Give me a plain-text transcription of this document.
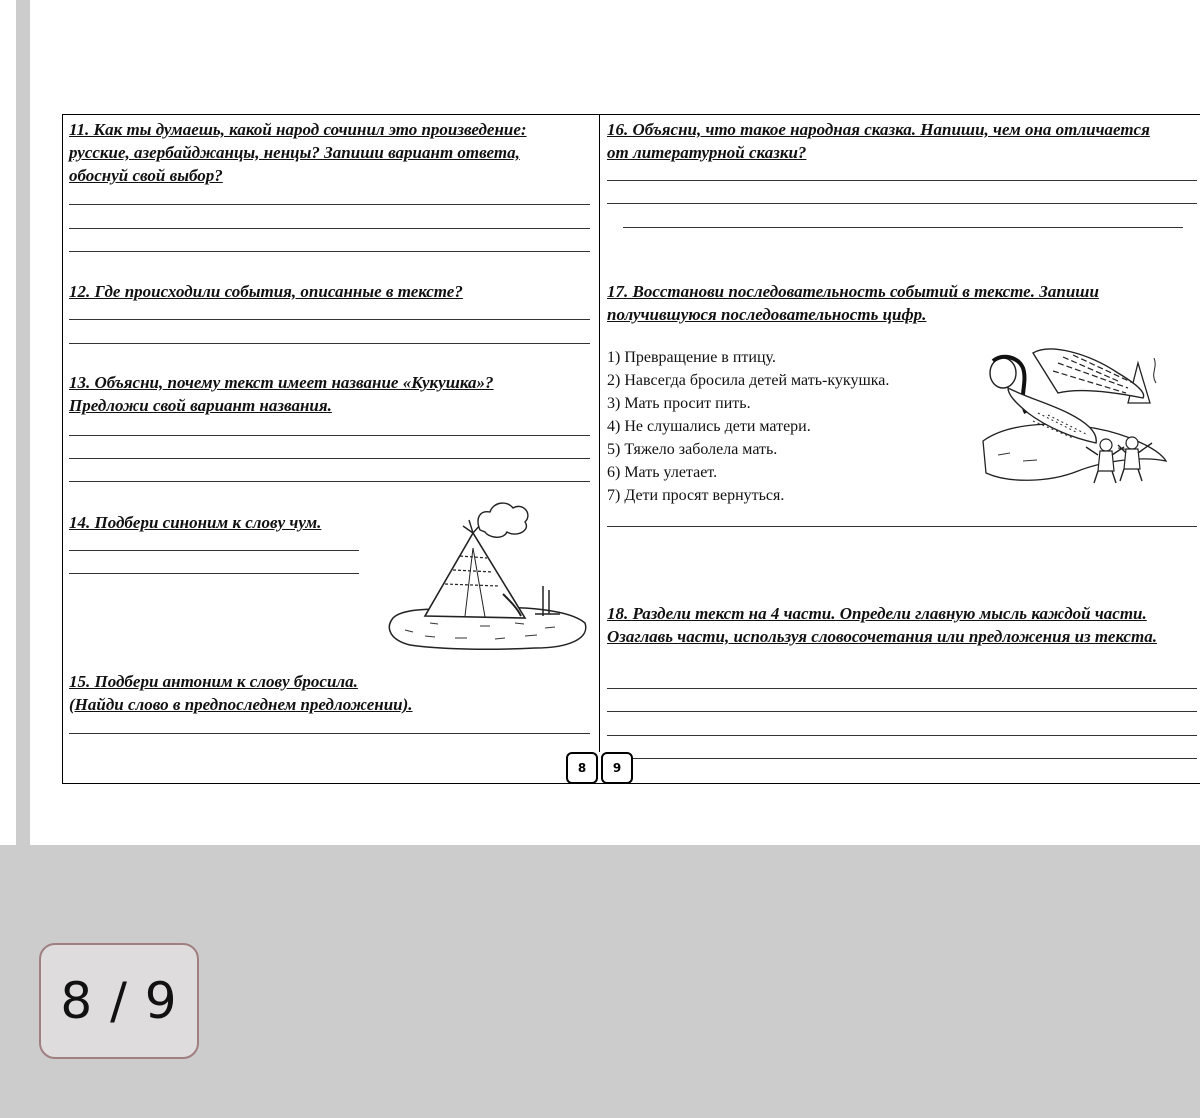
11. Как ты думаешь, какой народ сочинил это произведение: русские, азербайджанцы, ненцы? Запиши вариант ответа, обоснуй свой выбор?
12. Где происходили события, описанные в тексте?
13. Объясни, почему текст имеет название «Кукушка»? Предложи свой вариант названия.
14. Подбери синоним к слову чум.
15. Подбери антоним к слову бросила.
(Найди слово в предпоследнем предложении).
16. Объясни, что такое народная сказка. Напиши, чем она отличается от литературной сказки?
17. Восстанови последовательность событий в тексте. Запиши получившуюся последовательность цифр.
1) Превращение в птицу.
2) Навсегда бросила детей мать-кукушка.
3) Мать просит пить.
4) Не слушались дети матери.
5) Тяжело заболела мать.
6) Мать улетает.
7) Дети просят вернуться.
18. Раздели текст на 4 части. Определи главную мысль каждой части. Озаглавь части, используя словосочетания или предложения из текста.
8	9
8 / 9
